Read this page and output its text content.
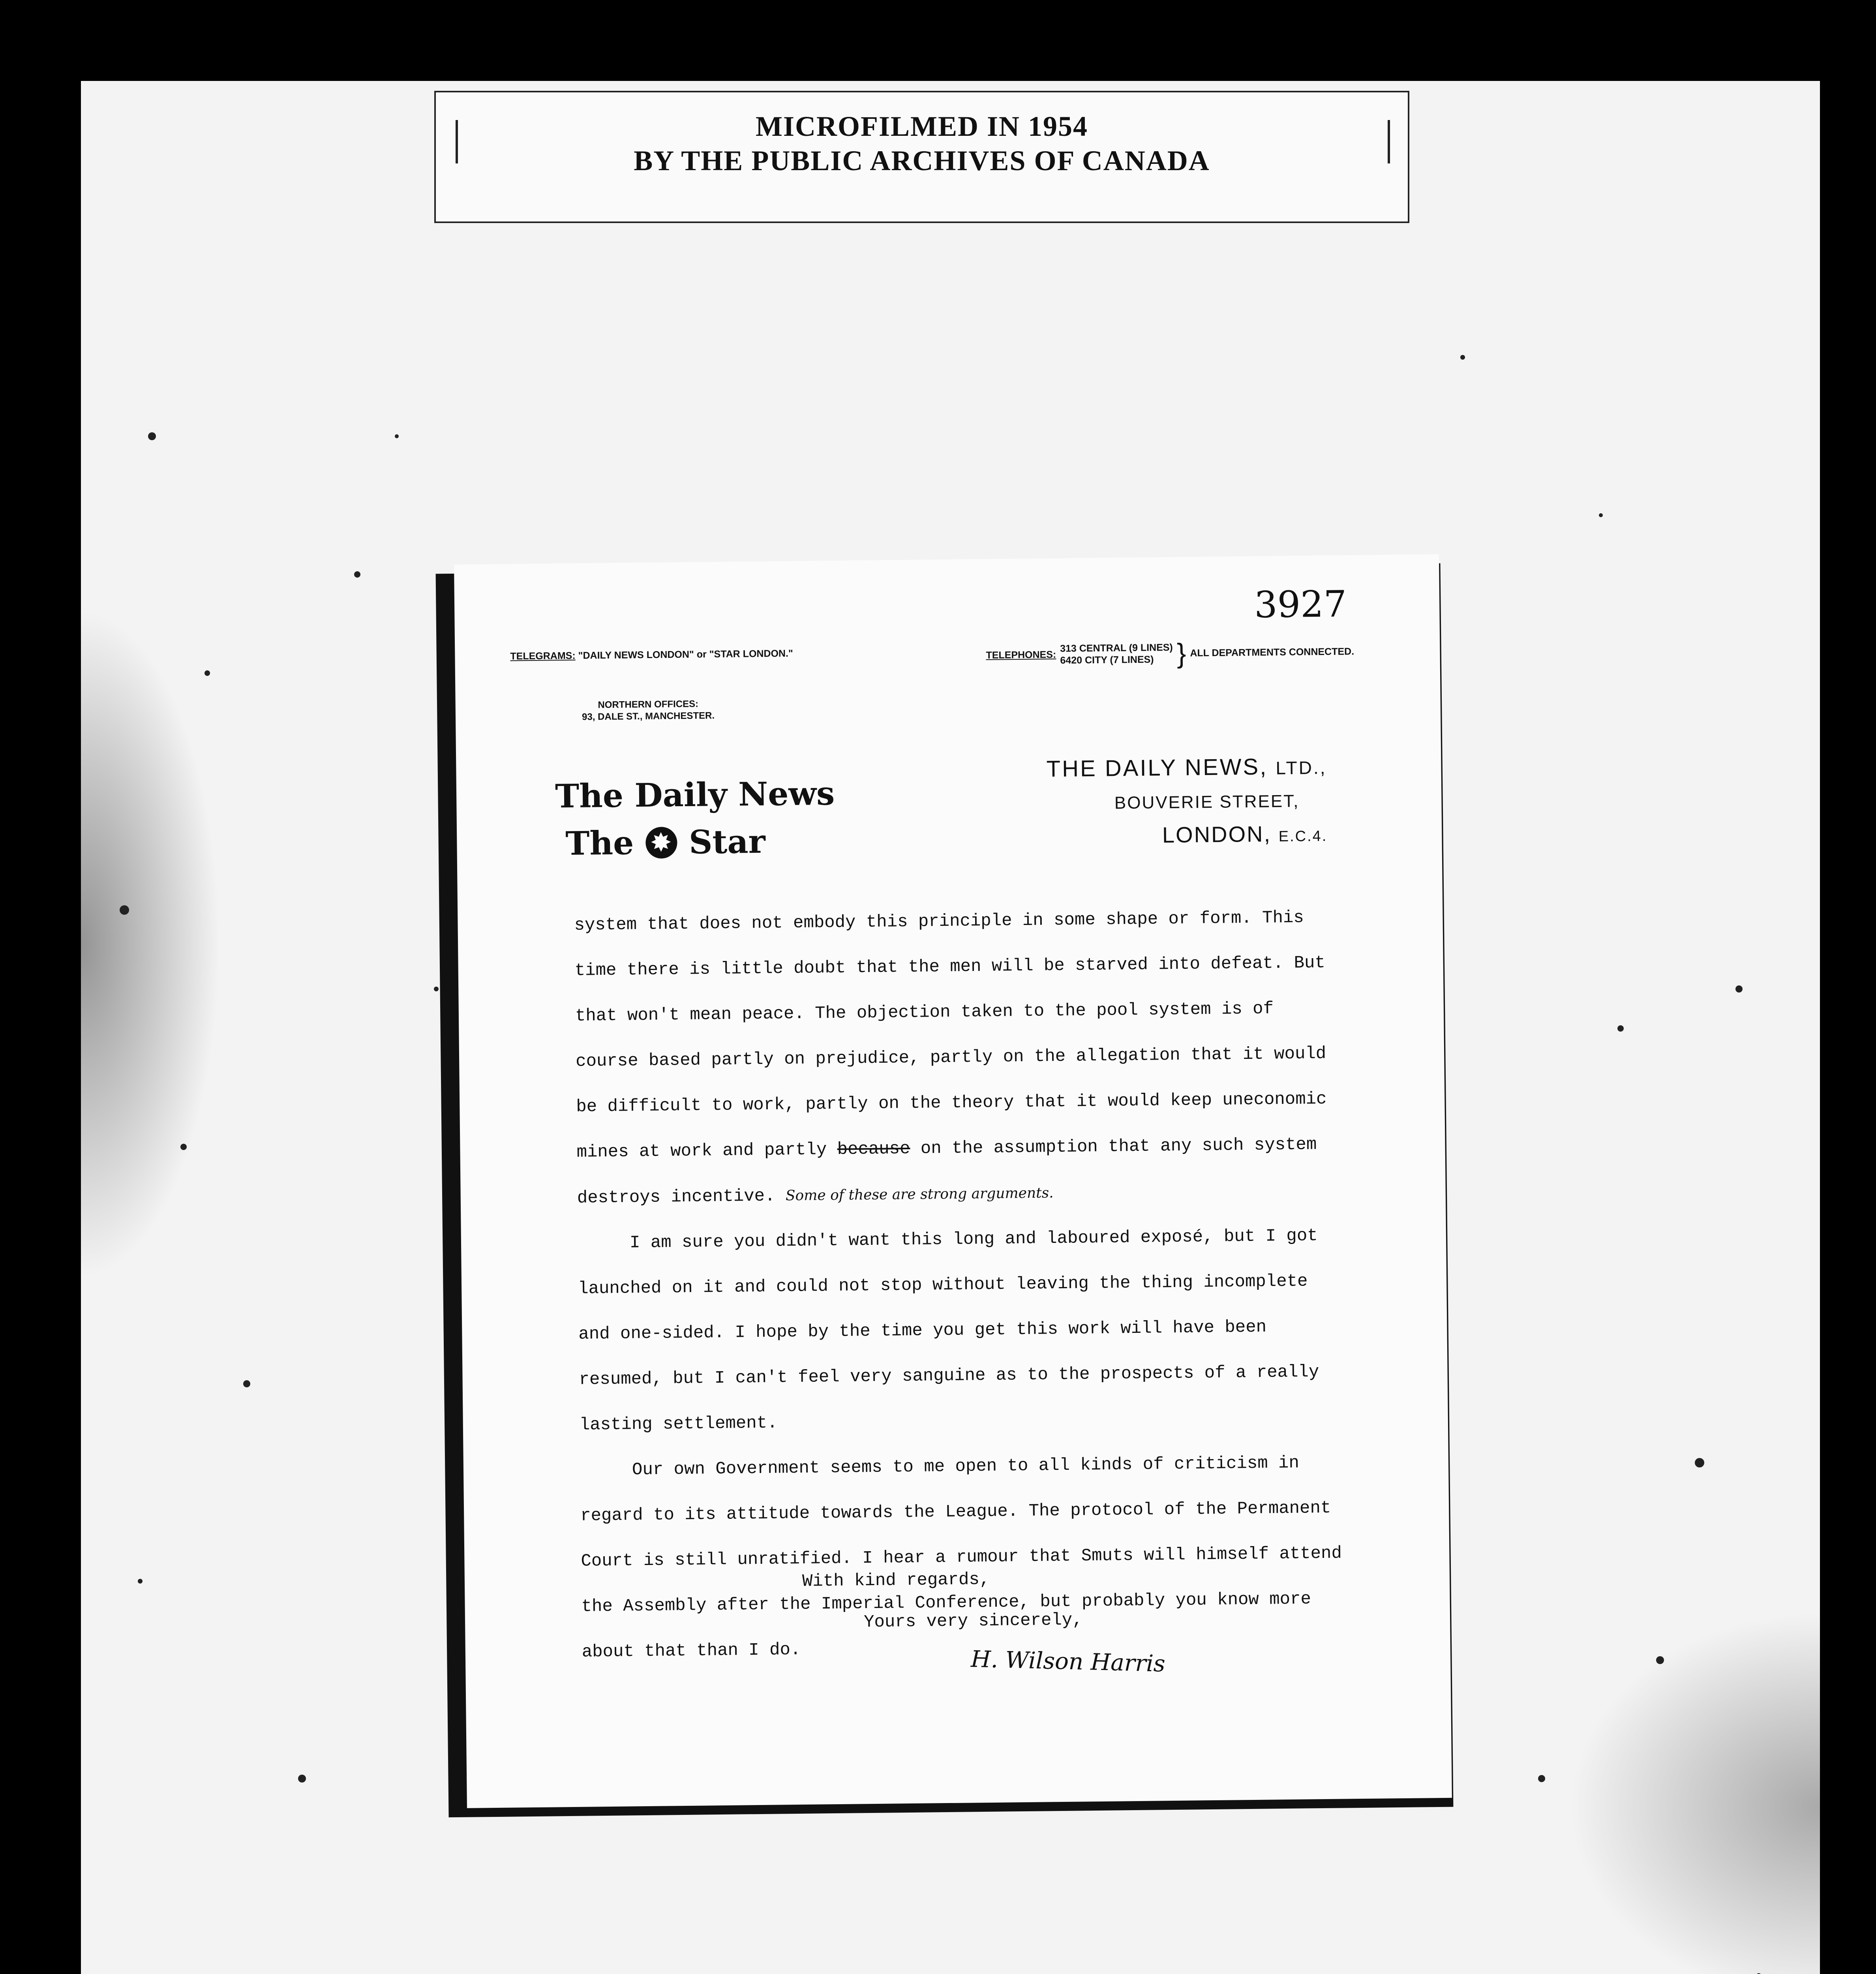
MICROFILMED IN 1954
BY THE PUBLIC ARCHIVES OF CANADA
3927
TELEGRAMS: "DAILY NEWS LONDON" or "STAR LONDON."	TELEPHONES:
313 CENTRAL (9 LINES)
6420 CITY (7 LINES) } ALL DEPARTMENTS CONNECTED.
NORTHERN OFFICES:
93, DALE ST., MANCHESTER.
The Daily News
The
✸ Star
THE DAILY NEWS, LTD.,
BOUVERIE STREET,
LONDON, E.C.4.

system that does not embody this principle in some shape or form. This time there is little doubt that the men will be starved into defeat. But that won't mean peace. The objection taken to the pool system is of course based partly on prejudice, partly on the allegation that it would be difficult to work, partly on the theory that it would keep uneconomic mines at work and partly because on the assumption that any such system destroys incentive. Some of these are strong arguments.

I am sure you didn't want this long and laboured exposé, but I got launched on it and could not stop without leaving the thing incomplete and one-sided. I hope by the time you get this work will have been resumed, but I can't feel very sanguine as to the prospects of a really lasting settlement.

Our own Government seems to me open to all kinds of criticism in regard to its attitude towards the League. The protocol of the Permanent Court is still unratified. I hear a rumour that Smuts will himself attend the Assembly after the Imperial Conference, but probably you know more about that than I do.

With kind regards,
Yours very sincerely,
H. Wilson Harris
